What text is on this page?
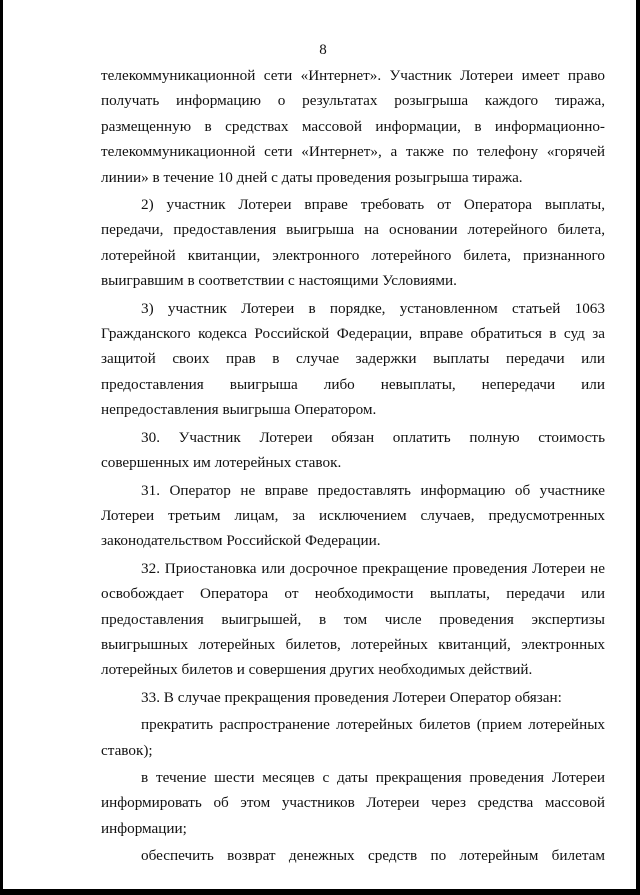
8

телекоммуникационной сети «Интернет». Участник Лотереи имеет право получать информацию о результатах розыгрыша каждого тиража, размещенную в средствах массовой информации, в информационно-телекоммуникационной сети «Интернет», а также по телефону «горячей линии» в течение 10 дней с даты проведения розыгрыша тиража.

2) участник Лотереи вправе требовать от Оператора выплаты, передачи, предоставления выигрыша на основании лотерейного билета, лотерейной квитанции, электронного лотерейного билета, признанного выигравшим в соответствии с настоящими Условиями.

3) участник Лотереи в порядке, установленном статьей 1063 Гражданского кодекса Российской Федерации, вправе обратиться в суд за защитой своих прав в случае задержки выплаты передачи или предоставления выигрыша либо невыплаты, непередачи или непредоставления выигрыша Оператором.

30. Участник Лотереи обязан оплатить полную стоимость совершенных им лотерейных ставок.

31. Оператор не вправе предоставлять информацию об участнике Лотереи третьим лицам, за исключением случаев, предусмотренных законодательством Российской Федерации.

32. Приостановка или досрочное прекращение проведения Лотереи не освобождает Оператора от необходимости выплаты, передачи или предоставления выигрышей, в том числе проведения экспертизы выигрышных лотерейных билетов, лотерейных квитанций, электронных лотерейных билетов и совершения других необходимых действий.

33. В случае прекращения проведения Лотереи Оператор обязан:

прекратить распространение лотерейных билетов (прием лотерейных ставок);

в течение шести месяцев с даты прекращения проведения Лотереи информировать об этом участников Лотереи через средства массовой информации;

обеспечить возврат денежных средств по лотерейным билетам
